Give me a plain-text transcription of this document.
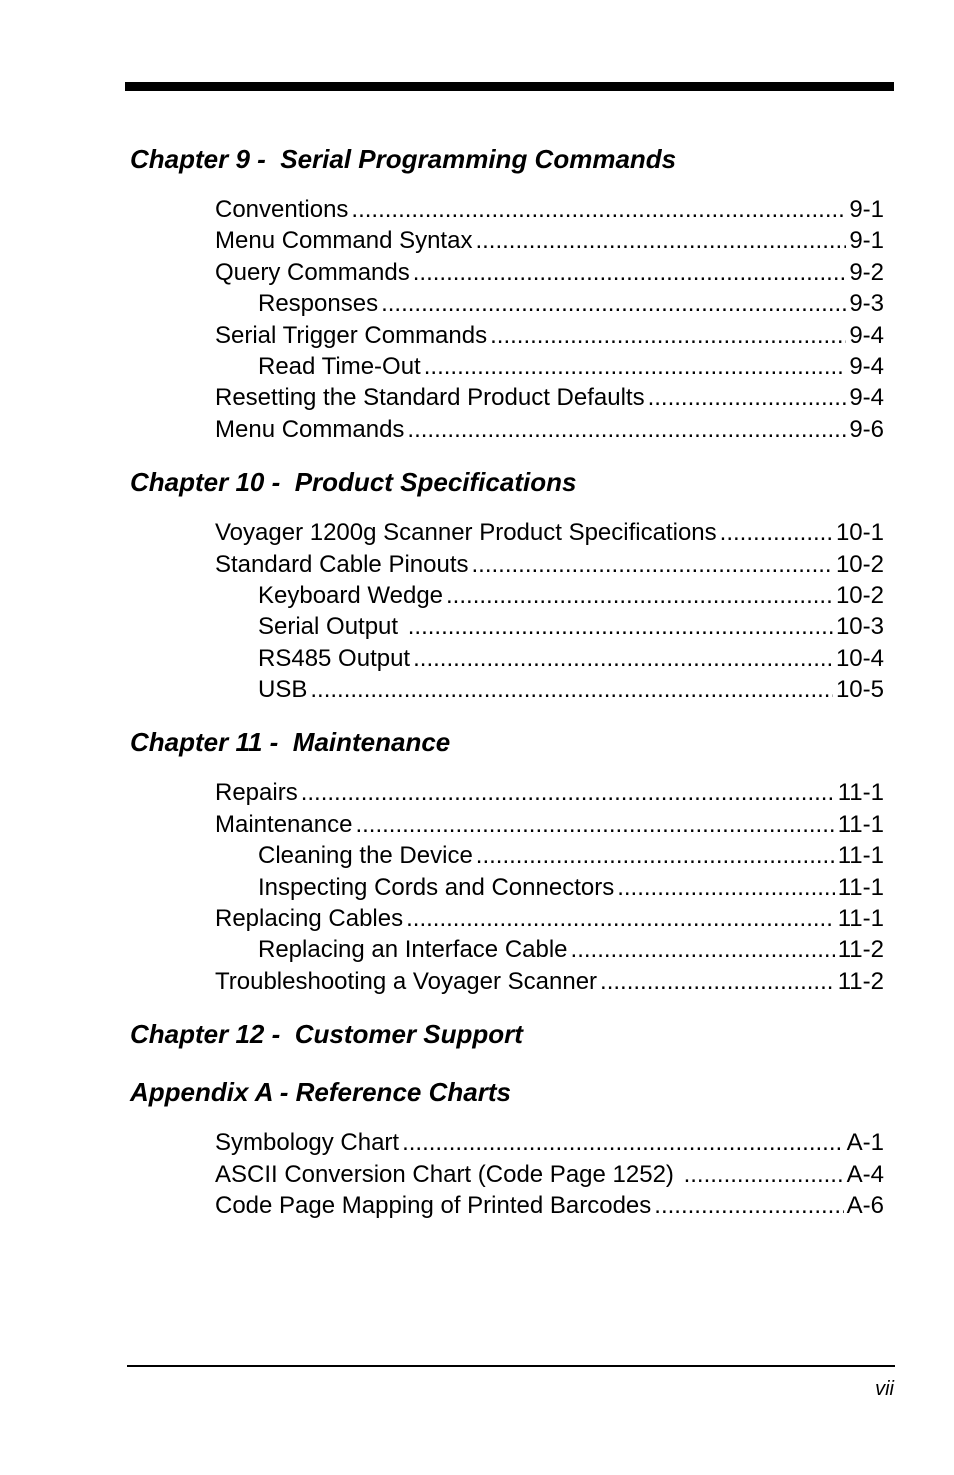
Chapter 9 -  Serial Programming Commands
Conventions .....	9-1
Menu Command Syntax .....	9-1
Query Commands .....	9-2
Responses .....	9-3
Serial Trigger Commands .....	9-4
Read Time-Out .....	9-4
Resetting the Standard Product Defaults .....	9-4
Menu Commands .....	9-6
Chapter 10 -  Product Specifications
Voyager 1200g Scanner Product Specifications .....	10-1
Standard Cable Pinouts .....	10-2
Keyboard Wedge .....	10-2
Serial Output .....	10-3
RS485 Output .....	10-4
USB .....	10-5
Chapter 11 -  Maintenance
Repairs .....	11-1
Maintenance .....	11-1
Cleaning the Device .....	11-1
Inspecting Cords and Connectors .....	11-1
Replacing Cables .....	11-1
Replacing an Interface Cable .....	11-2
Troubleshooting a Voyager Scanner .....	11-2
Chapter 12 -  Customer Support
Appendix A - Reference Charts
Symbology Chart .....	A-1
ASCII Conversion Chart (Code Page 1252) .....	A-4
Code Page Mapping of Printed Barcodes .....	A-6
vii
